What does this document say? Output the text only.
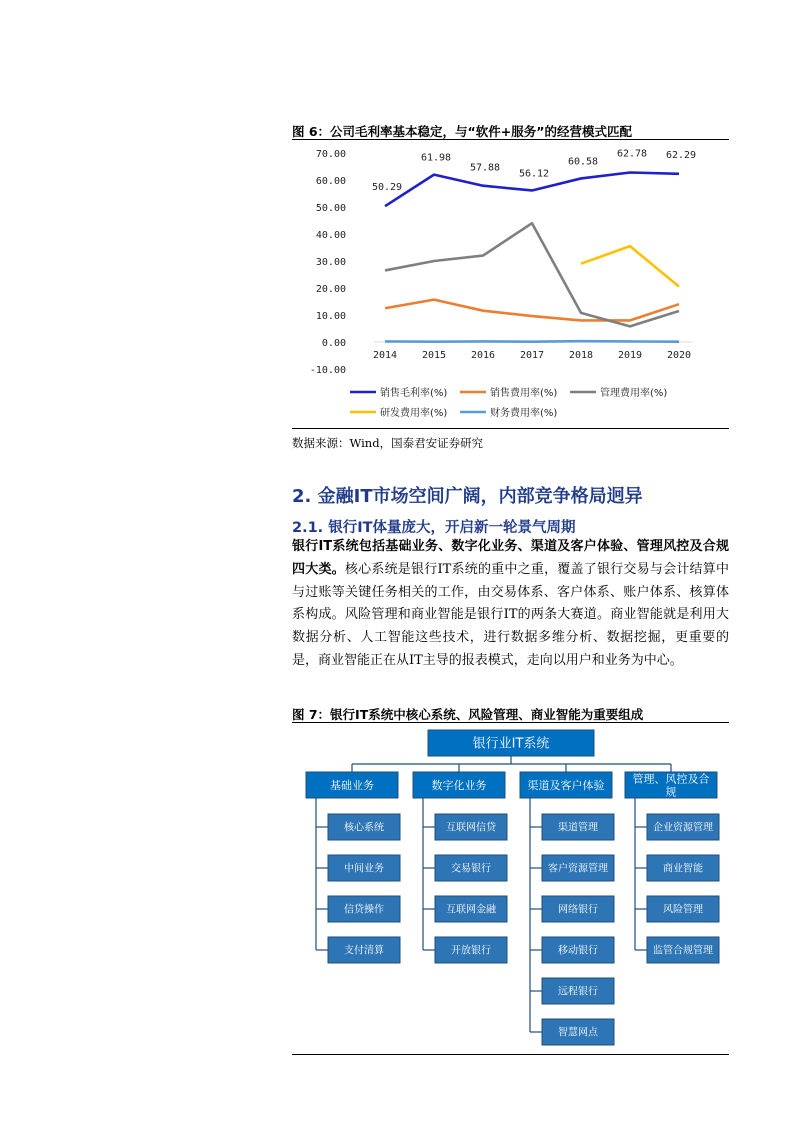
图 6：公司毛利率基本稳定，与“软件+服务”的经营模式匹配
70.00
60.00
50.00
40.00
30.00
20.00
10.00
0.00
-10.00
2014 2015 2016 2017 2018 2019 2020
50.29
61.98
57.88
56.12
60.58
62.78 62.29
销售毛利率(%)	销售费用率(%)	管理费用率(%)
研发费用率(%)	财务费用率(%)
数据来源：Wind，国泰君安证券研究
2. 金融IT市场空间广阔，内部竞争格局迥异
2.1. 银行IT体量庞大，开启新一轮景气周期
银行IT系统包括基础业务、数字化业务、渠道及客户体验、管理风控及合规四大类。核心系统是银行IT系统的重中之重，覆盖了银行交易与会计结算中与过账等关键任务相关的工作，由交易体系、客户体系、账户体系、核算体系构成。风险管理和商业智能是银行IT的两条大赛道。商业智能就是利用大数据分析、人工智能这些技术，进行数据多维分析、数据挖掘，更重要的是，商业智能正在从IT主导的报表模式，走向以用户和业务为中心。
图 7：银行IT系统中核心系统、风险管理、商业智能为重要组成
银行业IT系统
基础业务
核心系统
中间业务
信贷操作
支付清算
数字化业务
互联网信贷
交易银行
互联网金融
开放银行
渠道及客户体验
渠道管理
客户资源管理
网络银行
移动银行
远程银行
智慧网点
管理、风控及合
规
企业资源管理
商业智能
风险管理
监管合规管理
